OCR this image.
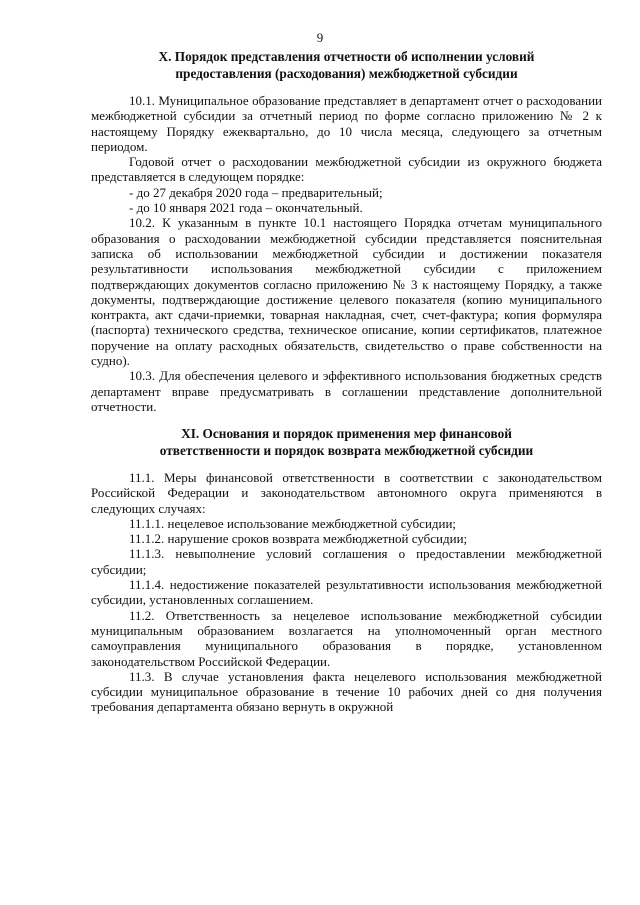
9
X. Порядок представления отчетности об исполнении условий
предоставления (расходования) межбюджетной субсидии

10.1. Муниципальное образование представляет в департамент отчет о расходовании межбюджетной субсидии за отчетный период по форме согласно приложению № 2 к настоящему Порядку ежеквартально, до 10 числа месяца, следующего за отчетным периодом.

Годовой отчет о расходовании межбюджетной субсидии из окружного бюджета представляется в следующем порядке:

- до 27 декабря 2020 года – предварительный;

- до 10 января 2021 года – окончательный.

10.2. К указанным в пункте 10.1 настоящего Порядка отчетам муниципального образования о расходовании межбюджетной субсидии представляется пояснительная записка об использовании межбюджетной субсидии и достижении показателя результативности использования межбюджетной субсидии с приложением подтверждающих документов согласно приложению № 3 к настоящему Порядку, а также документы, подтверждающие достижение целевого показателя (копию муниципального контракта, акт сдачи-приемки, товарная накладная, счет, счет-фактура; копия формуляра (паспорта) технического средства, техническое описание, копии сертификатов, платежное поручение на оплату расходных обязательств, свидетельство о праве собственности на судно).

10.3. Для обеспечения целевого и эффективного использования бюджетных средств департамент вправе предусматривать в соглашении представление дополнительной отчетности.

XI. Основания и порядок применения мер финансовой
ответственности и порядок возврата межбюджетной субсидии

11.1. Меры финансовой ответственности в соответствии с законодательством Российской Федерации и законодательством автономного округа применяются в следующих случаях:

11.1.1. нецелевое использование межбюджетной субсидии;

11.1.2. нарушение сроков возврата межбюджетной субсидии;

11.1.3. невыполнение условий соглашения о предоставлении межбюджетной субсидии;

11.1.4. недостижение показателей результативности использования межбюджетной субсидии, установленных соглашением.

11.2. Ответственность за нецелевое использование межбюджетной субсидии муниципальным образованием возлагается на уполномоченный орган местного самоуправления муниципального образования в порядке, установленном законодательством Российской Федерации.

11.3. В случае установления факта нецелевого использования межбюджетной субсидии муниципальное образование в течение 10 рабочих дней со дня получения требования департамента обязано вернуть в окружной
